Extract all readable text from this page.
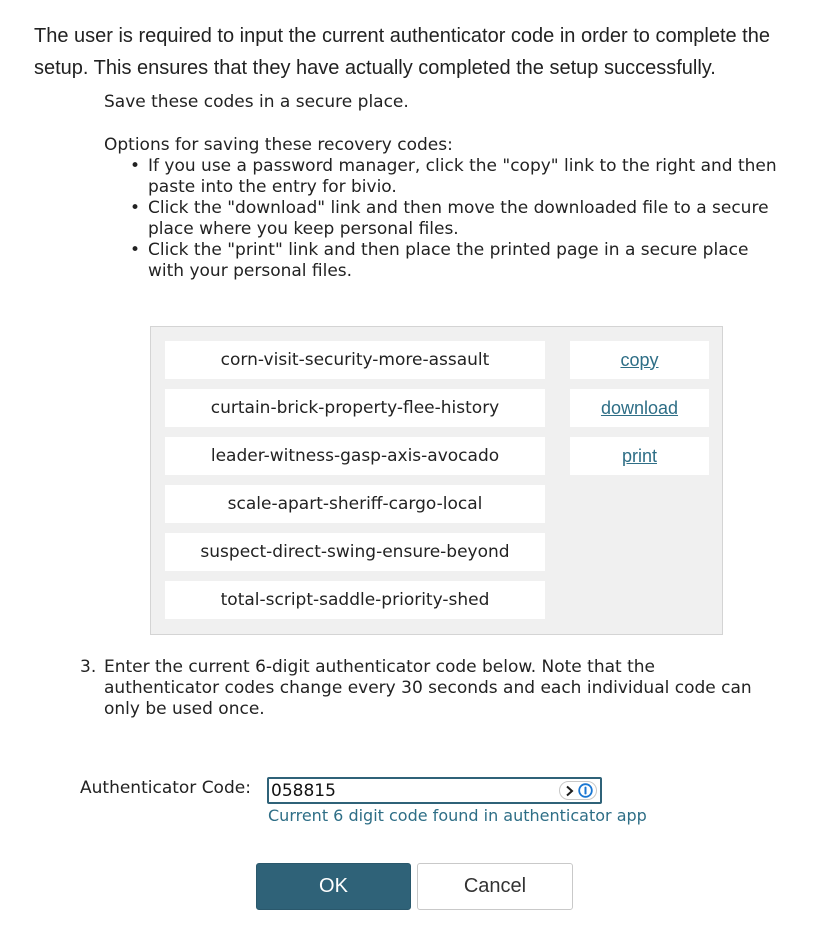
The user is required to input the current authenticator code in order to complete the setup. This ensures that they have actually completed the setup successfully.
Save these codes in a secure place.
Options for saving these recovery codes:
• If you use a password manager, click the "copy" link to the right and then paste into the entry for bivio.
• Click the "download" link and then move the downloaded file to a secure place where you keep personal files.
• Click the "print" link and then place the printed page in a secure place with your personal files.
corn-visit-security-more-assault
curtain-brick-property-flee-history
leader-witness-gasp-axis-avocado
scale-apart-sheriff-cargo-local
suspect-direct-swing-ensure-beyond
total-script-saddle-priority-shed
copy
download
print
3. Enter the current 6-digit authenticator code below. Note that the authenticator codes change every 30 seconds and each individual code can only be used once.
Authenticator Code:
058815
Current 6 digit code found in authenticator app
OK	Cancel
